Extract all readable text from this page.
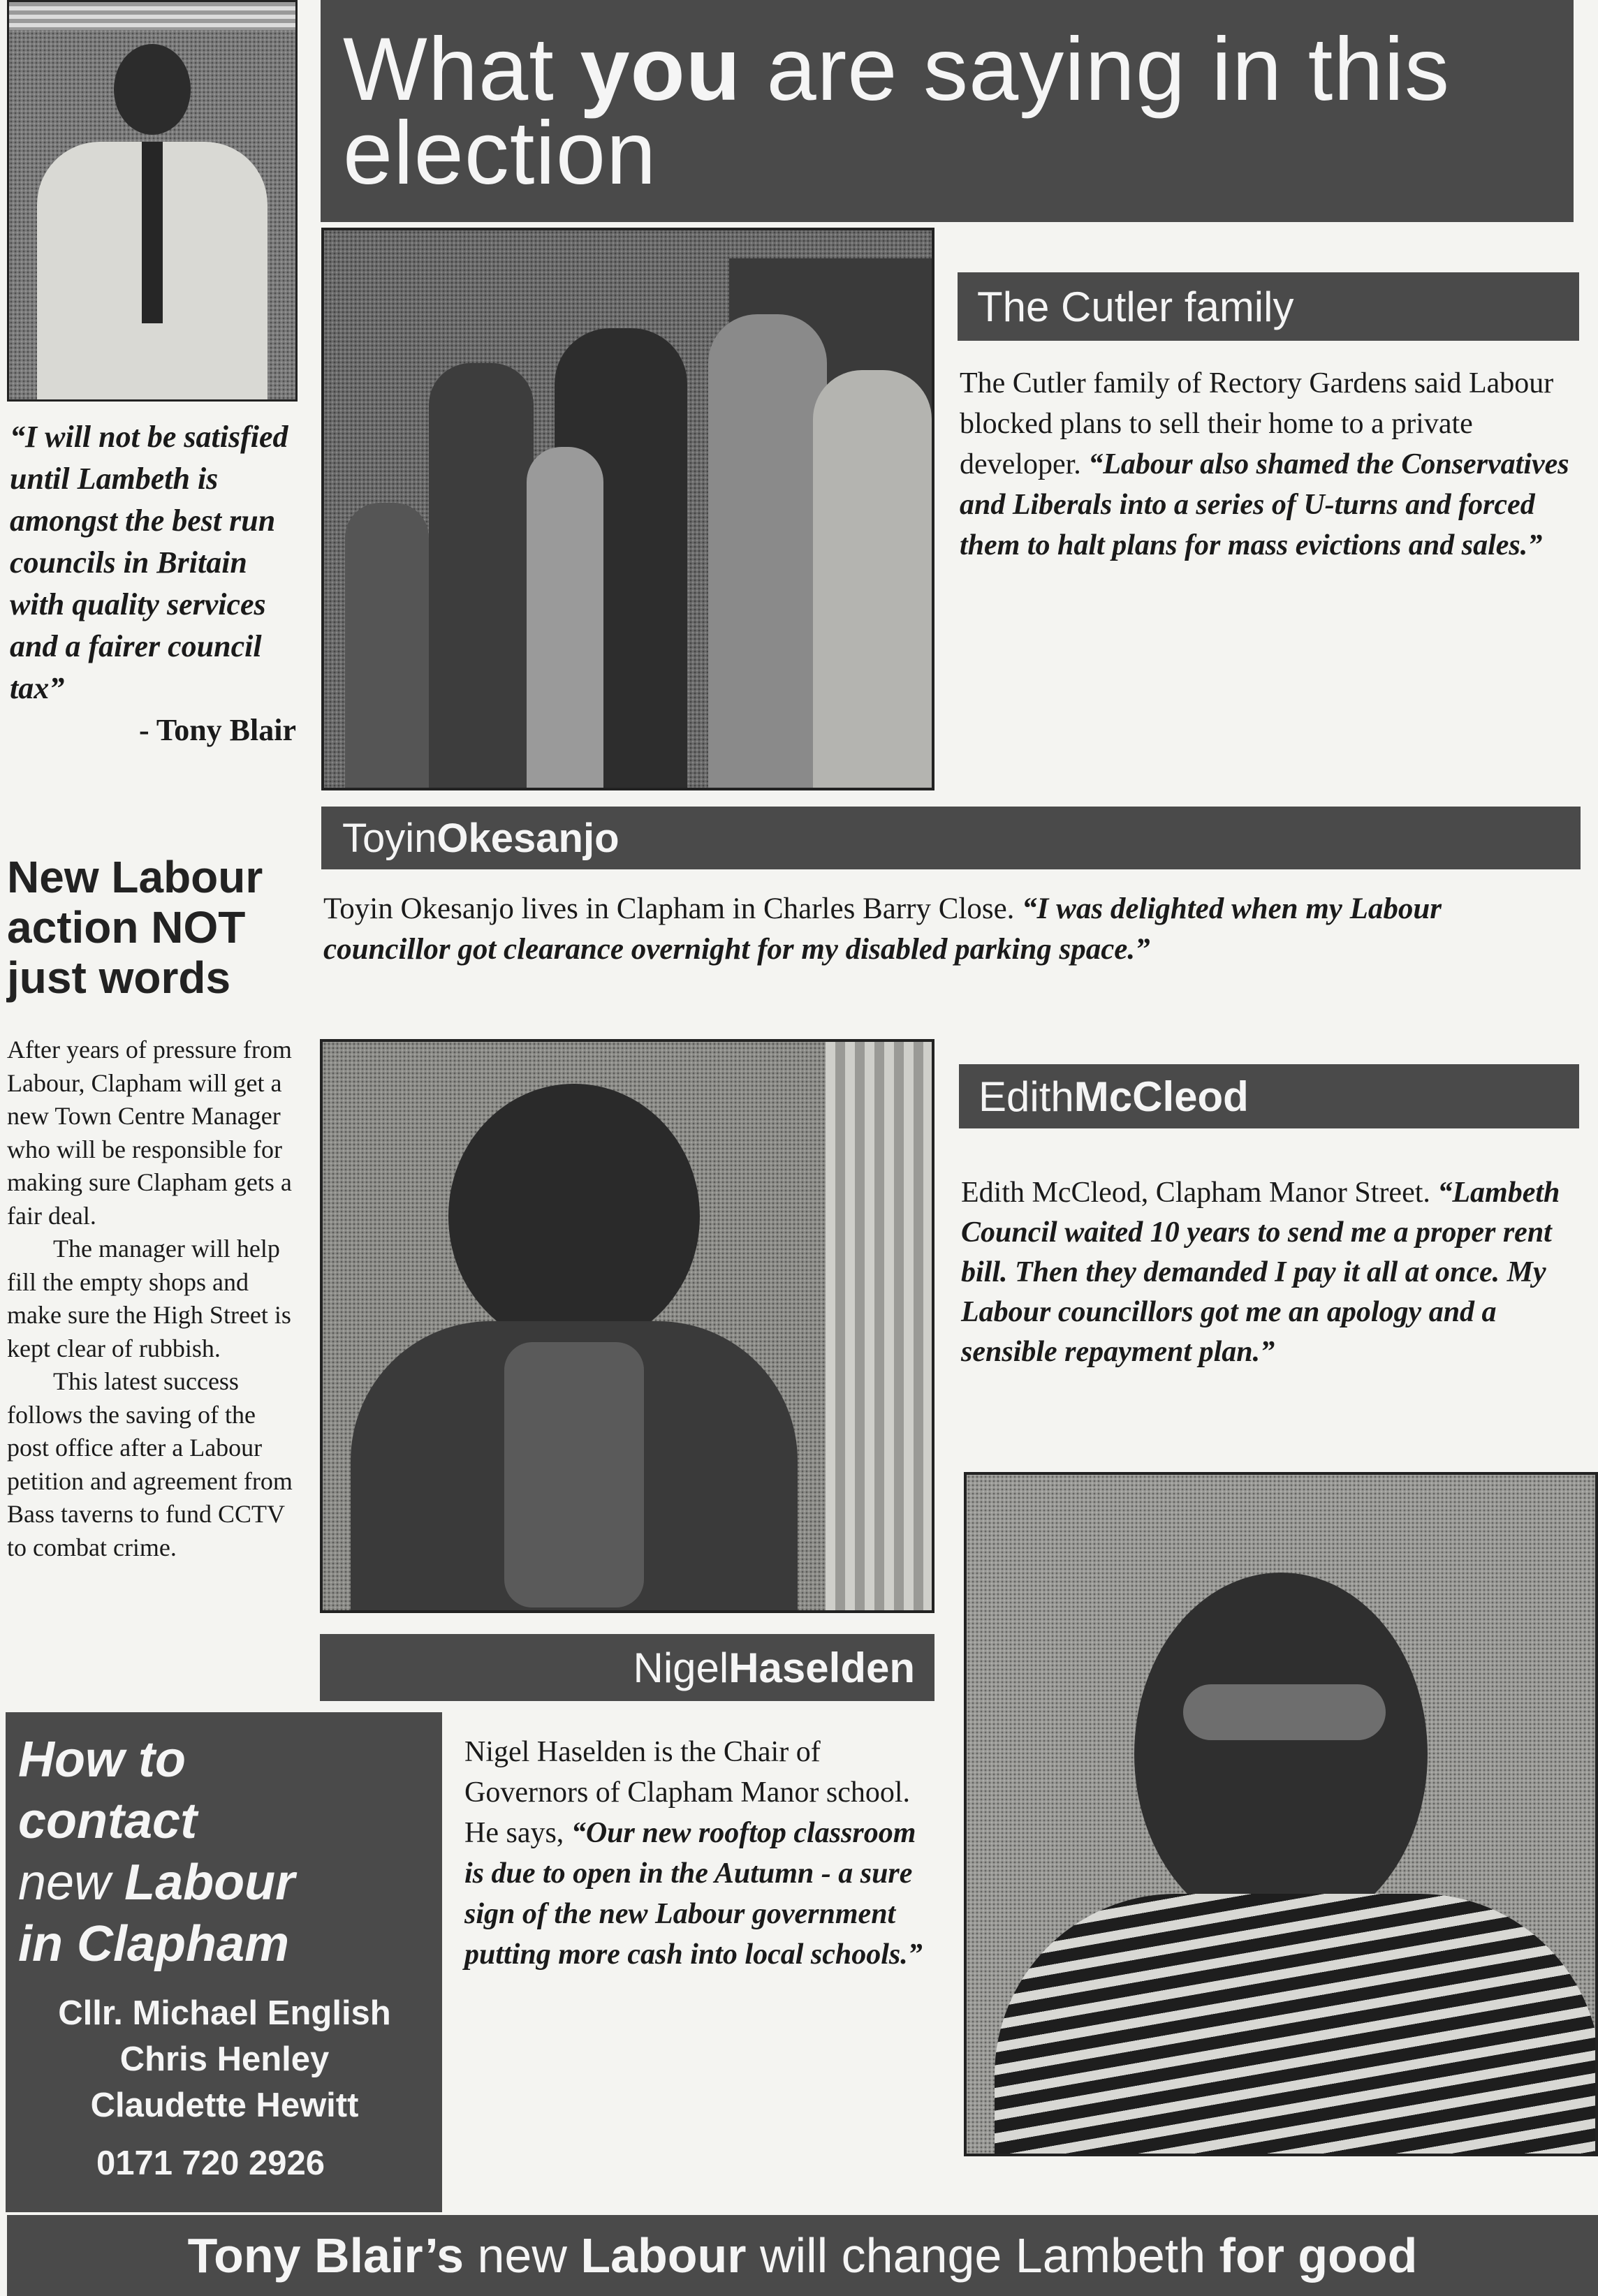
What you are saying in this election
“I will not be satisfied until Lambeth is amongst the best run councils in Britain with quality services and a fairer council tax”
- Tony Blair
New Labour action NOT just words
After years of pressure from Labour, Clapham will get a new Town Centre Manager who will be responsible for making sure Clapham gets a fair deal.
The manager will help fill the empty shops and make sure the High Street is kept clear of rubbish.
This latest success follows the saving of the post office after a Labour petition and agreement from Bass taverns to fund CCTV to combat crime.
The Cutler family
The Cutler family of Rectory Gardens said Labour blocked plans to sell their home to a private developer. “Labour also shamed the Conservatives and Liberals into a series of U-turns and forced them to halt plans for mass evictions and sales.”
Toyin Okesanjo
Toyin Okesanjo lives in Clapham in Charles Barry Close. “I was delighted when my Labour councillor got clearance overnight for my disabled parking space.”
Edith McCleod
Edith McCleod, Clapham Manor Street. “Lambeth Council waited 10 years to send me a proper rent bill. Then they demanded I pay it all at once. My Labour councillors got me an apology and a sensible repayment plan.”
Nigel Haselden
Nigel Haselden is the Chair of Governors of Clapham Manor school. He says, “Our new rooftop classroom is due to open in the Autumn - a sure sign of the new Labour government putting more cash into local schools.”
How to
contact
new Labour
in Clapham
Cllr. Michael English
Chris Henley
Claudette Hewitt
0171 720 2926
Tony Blair’s new Labour will change Lambeth for good
